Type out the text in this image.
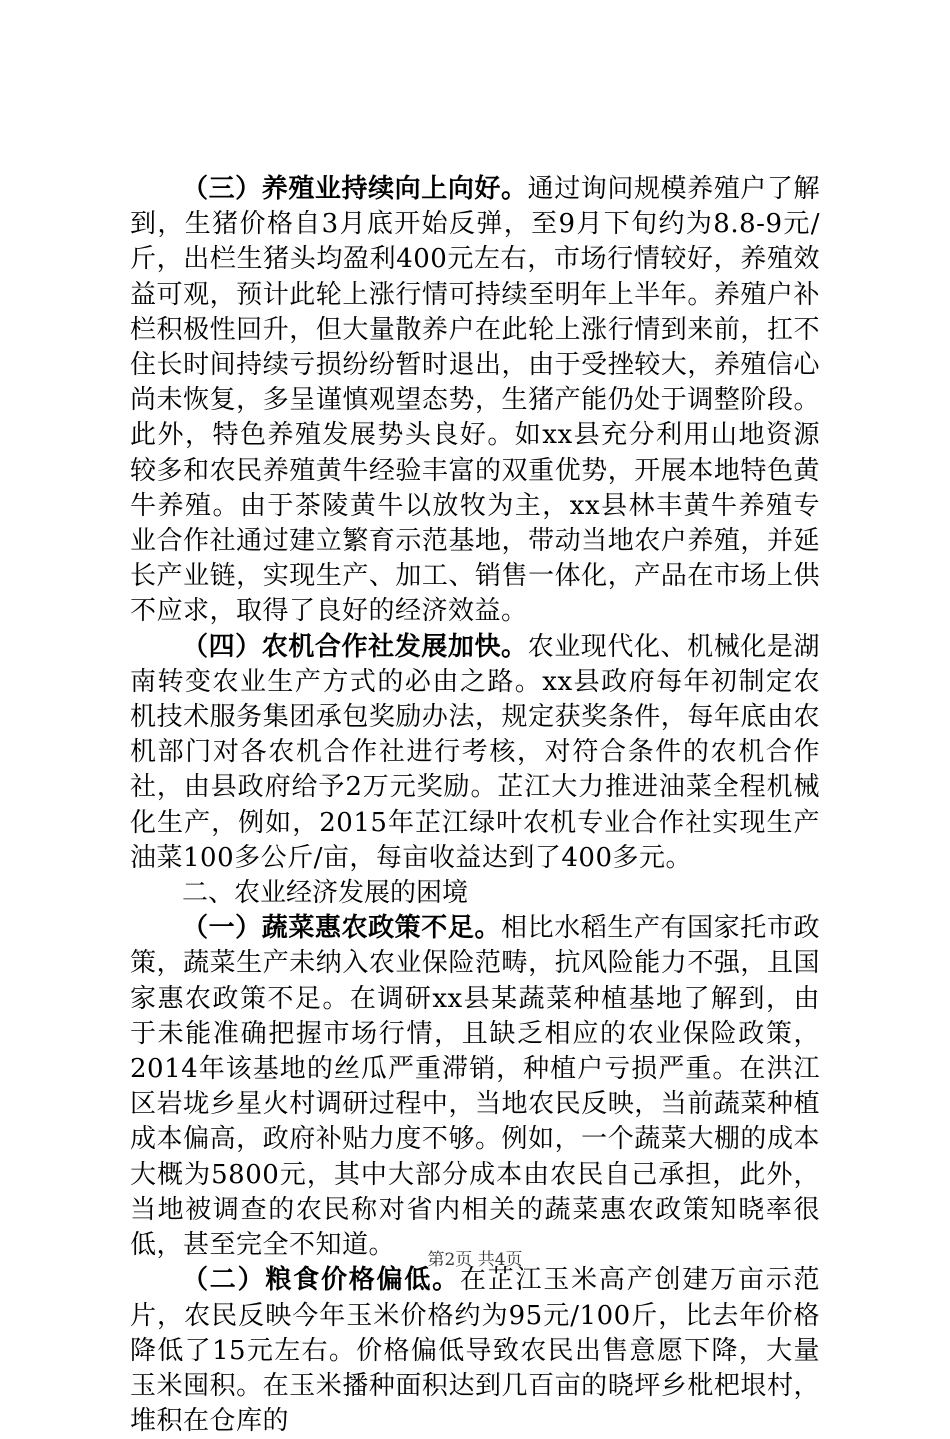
（三）养殖业持续向上向好。通过询问规模养殖户了解到，生猪价格自3月底开始反弹，至9月下旬约为8.8-9元/斤，出栏生猪头均盈利400元左右，市场行情较好，养殖效益可观，预计此轮上涨行情可持续至明年上半年。养殖户补栏积极性回升，但大量散养户在此轮上涨行情到来前，扛不住长时间持续亏损纷纷暂时退出，由于受挫较大，养殖信心尚未恢复，多呈谨慎观望态势，生猪产能仍处于调整阶段。此外，特色养殖发展势头良好。如xx县充分利用山地资源较多和农民养殖黄牛经验丰富的双重优势，开展本地特色黄牛养殖。由于茶陵黄牛以放牧为主，xx县林丰黄牛养殖专业合作社通过建立繁育示范基地，带动当地农户养殖，并延长产业链，实现生产、加工、销售一体化，产品在市场上供不应求，取得了良好的经济效益。

（四）农机合作社发展加快。农业现代化、机械化是湖南转变农业生产方式的必由之路。xx县政府每年初制定农机技术服务集团承包奖励办法，规定获奖条件，每年底由农机部门对各农机合作社进行考核，对符合条件的农机合作社，由县政府给予2万元奖励。芷江大力推进油菜全程机械化生产，例如，2015年芷江绿叶农机专业合作社实现生产油菜100多公斤/亩，每亩收益达到了400多元。

二、农业经济发展的困境

（一）蔬菜惠农政策不足。相比水稻生产有国家托市政策，蔬菜生产未纳入农业保险范畴，抗风险能力不强，且国家惠农政策不足。在调研xx县某蔬菜种植基地了解到，由于未能准确把握市场行情，且缺乏相应的农业保险政策，2014年该基地的丝瓜严重滞销，种植户亏损严重。在洪江区岩垅乡星火村调研过程中，当地农民反映，当前蔬菜种植成本偏高，政府补贴力度不够。例如，一个蔬菜大棚的成本大概为5800元，其中大部分成本由农民自己承担，此外，当地被调查的农民称对省内相关的蔬菜惠农政策知晓率很低，甚至完全不知道。

（二）粮食价格偏低。在芷江玉米高产创建万亩示范片，农民反映今年玉米价格约为95元/100斤，比去年价格降低了15元左右。价格偏低导致农民出售意愿下降，大量玉米囤积。在玉米播种面积达到几百亩的晓坪乡枇杷垠村，堆积在仓库的

第2页 共4页
